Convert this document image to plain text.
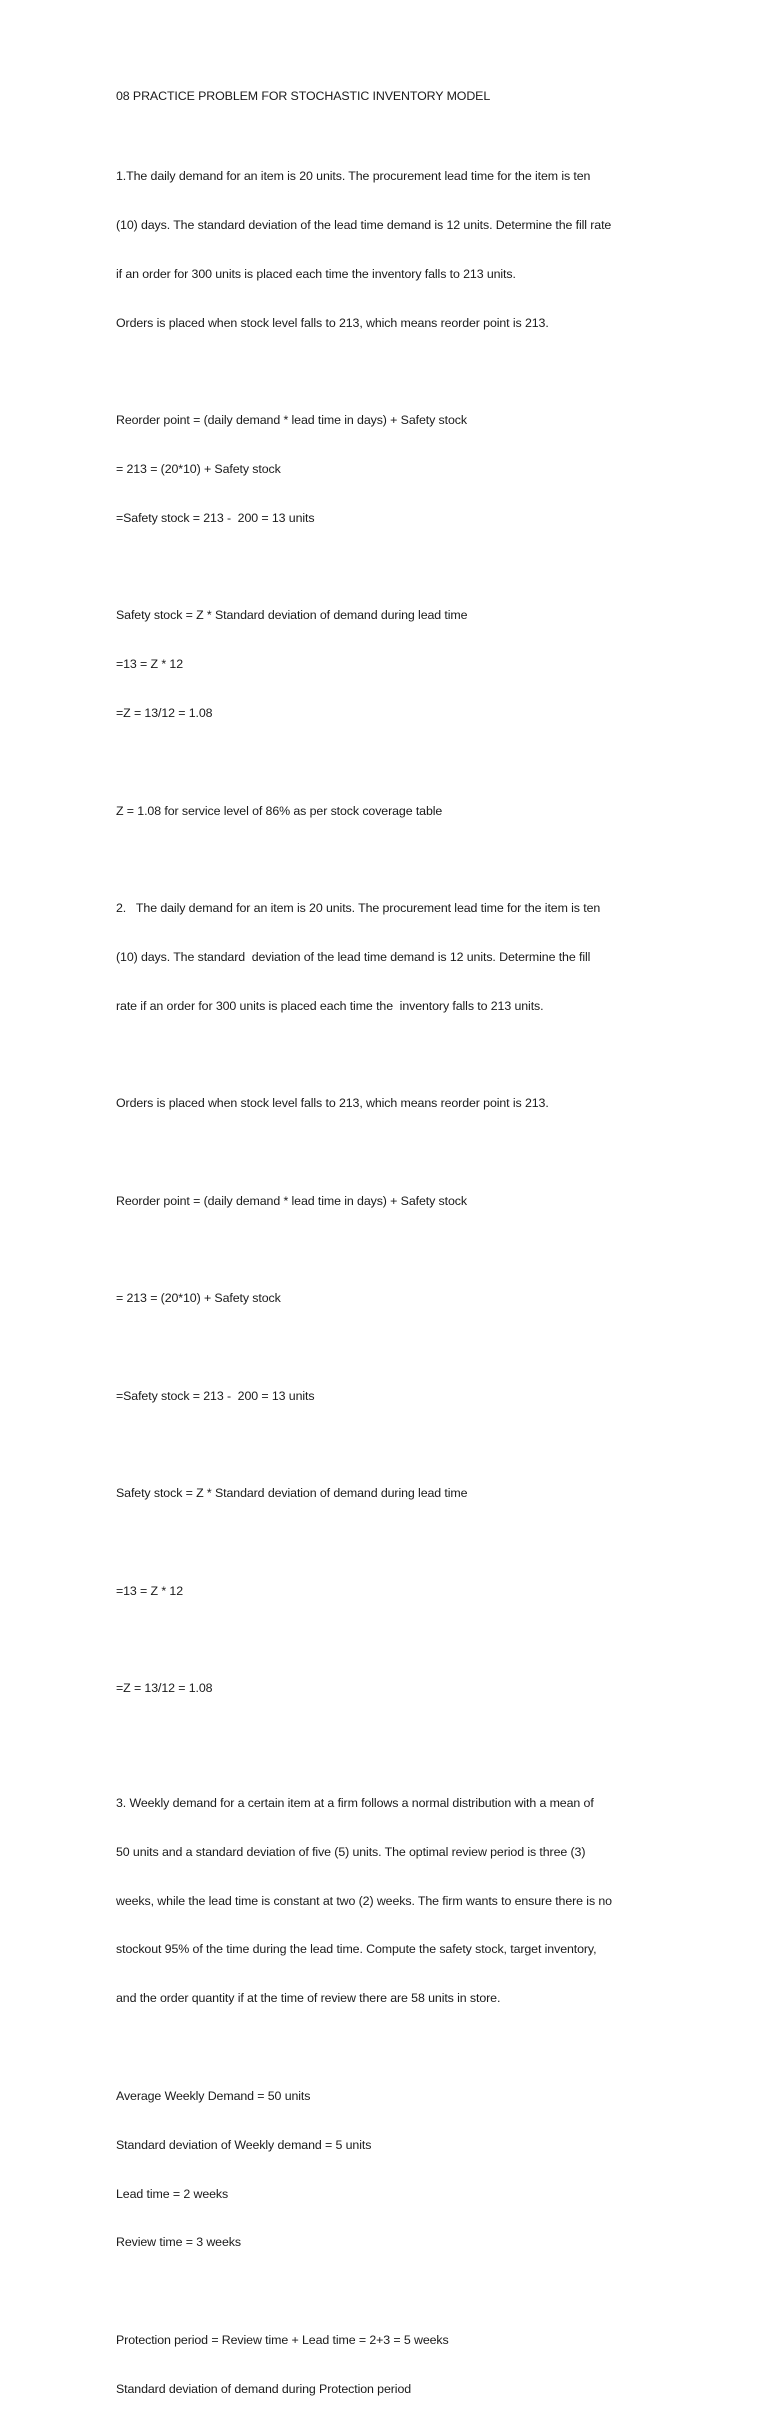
08 PRACTICE PROBLEM FOR STOCHASTIC INVENTORY MODEL

1.The daily demand for an item is 20 units. The procurement lead time for the item is ten

(10) days. The standard deviation of the lead time demand is 12 units. Determine the fill rate

if an order for 300 units is placed each time the inventory falls to 213 units.

Orders is placed when stock level falls to 213, which means reorder point is 213.

Reorder point = (daily demand * lead time in days) + Safety stock

= 213 = (20*10) + Safety stock

=Safety stock = 213 -  200 = 13 units

Safety stock = Z * Standard deviation of demand during lead time

=13 = Z * 12

=Z = 13/12 = 1.08

Z = 1.08 for service level of 86% as per stock coverage table

2.   The daily demand for an item is 20 units. The procurement lead time for the item is ten

(10) days. The standard  deviation of the lead time demand is 12 units. Determine the fill

rate if an order for 300 units is placed each time the  inventory falls to 213 units.

Orders is placed when stock level falls to 213, which means reorder point is 213.

Reorder point = (daily demand * lead time in days) + Safety stock

= 213 = (20*10) + Safety stock

=Safety stock = 213 -  200 = 13 units

Safety stock = Z * Standard deviation of demand during lead time

=13 = Z * 12

=Z = 13/12 = 1.08

3. Weekly demand for a certain item at a firm follows a normal distribution with a mean of

50 units and a standard deviation of five (5) units. The optimal review period is three (3)

weeks, while the lead time is constant at two (2) weeks. The firm wants to ensure there is no

stockout 95% of the time during the lead time. Compute the safety stock, target inventory,

and the order quantity if at the time of review there are 58 units in store.

Average Weekly Demand = 50 units

Standard deviation of Weekly demand = 5 units

Lead time = 2 weeks

Review time = 3 weeks

Protection period = Review time + Lead time = 2+3 = 5 weeks

Standard deviation of demand during Protection period
